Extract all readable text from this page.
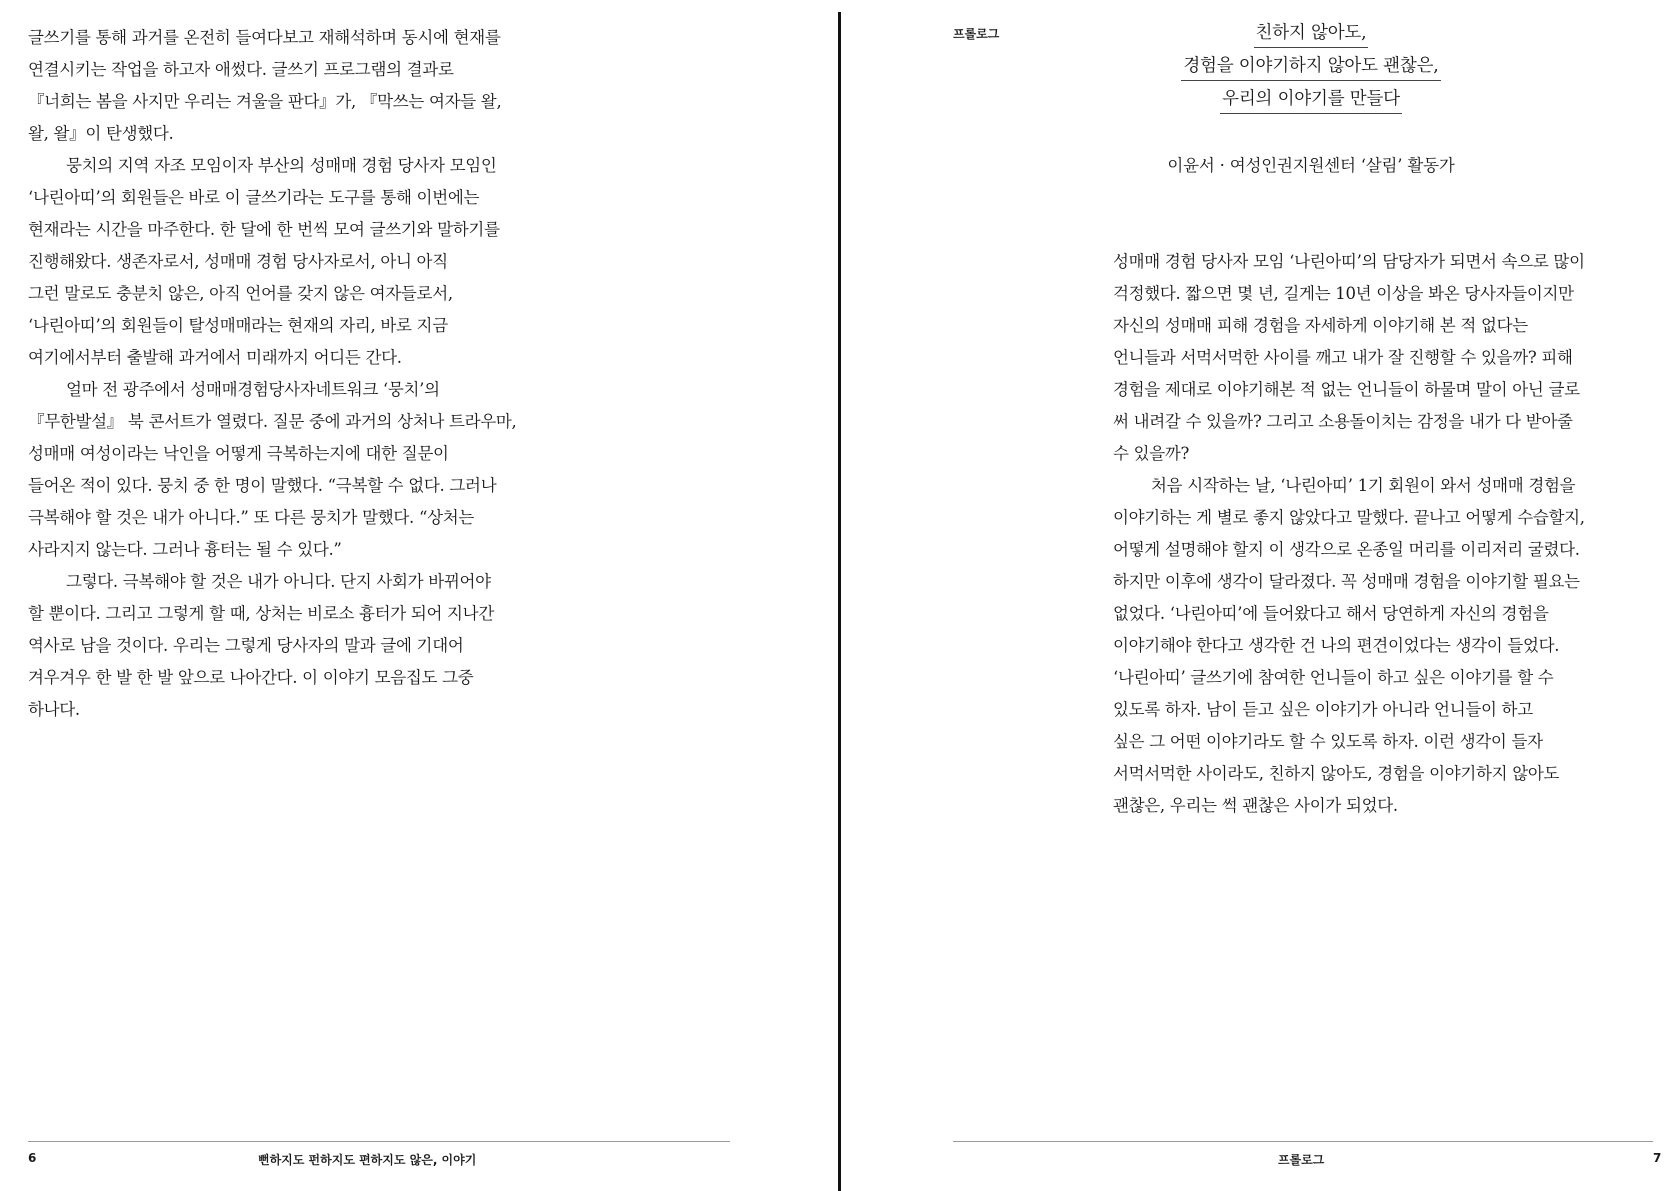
글쓰기를 통해 과거를 온전히 들여다보고 재해석하며 동시에 현재를

연결시키는 작업을 하고자 애썼다. 글쓰기 프로그램의 결과로

『너희는 봄을 사지만 우리는 겨울을 판다』가, 『막쓰는 여자들 왈,

왈, 왈』이 탄생했다.

뭉치의 지역 자조 모임이자 부산의 성매매 경험 당사자 모임인

‘나린아띠’의 회원들은 바로 이 글쓰기라는 도구를 통해 이번에는

현재라는 시간을 마주한다. 한 달에 한 번씩 모여 글쓰기와 말하기를

진행해왔다. 생존자로서, 성매매 경험 당사자로서, 아니 아직

그런 말로도 충분치 않은, 아직 언어를 갖지 않은 여자들로서,

‘나린아띠’의 회원들이 탈성매매라는 현재의 자리, 바로 지금

여기에서부터 출발해 과거에서 미래까지 어디든 간다.

얼마 전 광주에서 성매매경험당사자네트워크 ‘뭉치’의

『무한발설』 북 콘서트가 열렸다. 질문 중에 과거의 상처나 트라우마,

성매매 여성이라는 낙인을 어떻게 극복하는지에 대한 질문이

들어온 적이 있다. 뭉치 중 한 명이 말했다. “극복할 수 없다. 그러나

극복해야 할 것은 내가 아니다.” 또 다른 뭉치가 말했다. “상처는

사라지지 않는다. 그러나 흉터는 될 수 있다.”

그렇다. 극복해야 할 것은 내가 아니다. 단지 사회가 바뀌어야

할 뿐이다. 그리고 그렇게 할 때, 상처는 비로소 흉터가 되어 지나간

역사로 남을 것이다. 우리는 그렇게 당사자의 말과 글에 기대어

겨우겨우 한 발 한 발 앞으로 나아간다. 이 이야기 모음집도 그중

하나다.

6	뻔하지도 펀하지도 편하지도 않은, 이야기
프롤로그	친하지 않아도,
경험을 이야기하지 않아도 괜찮은,
우리의 이야기를 만들다
이윤서 · 여성인권지원센터 ‘살림’ 활동가

성매매 경험 당사자 모임 ‘나린아띠’의 담당자가 되면서 속으로 많이

걱정했다. 짧으면 몇 년, 길게는 10년 이상을 봐온 당사자들이지만

자신의 성매매 피해 경험을 자세하게 이야기해 본 적 없다는

언니들과 서먹서먹한 사이를 깨고 내가 잘 진행할 수 있을까? 피해

경험을 제대로 이야기해본 적 없는 언니들이 하물며 말이 아닌 글로

써 내려갈 수 있을까? 그리고 소용돌이치는 감정을 내가 다 받아줄

수 있을까?

처음 시작하는 날, ‘나린아띠’ 1기 회원이 와서 성매매 경험을

이야기하는 게 별로 좋지 않았다고 말했다. 끝나고 어떻게 수습할지,

어떻게 설명해야 할지 이 생각으로 온종일 머리를 이리저리 굴렸다.

하지만 이후에 생각이 달라졌다. 꼭 성매매 경험을 이야기할 필요는

없었다. ‘나린아띠’에 들어왔다고 해서 당연하게 자신의 경험을

이야기해야 한다고 생각한 건 나의 편견이었다는 생각이 들었다.

‘나린아띠’ 글쓰기에 참여한 언니들이 하고 싶은 이야기를 할 수

있도록 하자. 남이 듣고 싶은 이야기가 아니라 언니들이 하고

싶은 그 어떤 이야기라도 할 수 있도록 하자. 이런 생각이 들자

서먹서먹한 사이라도, 친하지 않아도, 경험을 이야기하지 않아도

괜찮은, 우리는 썩 괜찮은 사이가 되었다.

프롤로그	7
